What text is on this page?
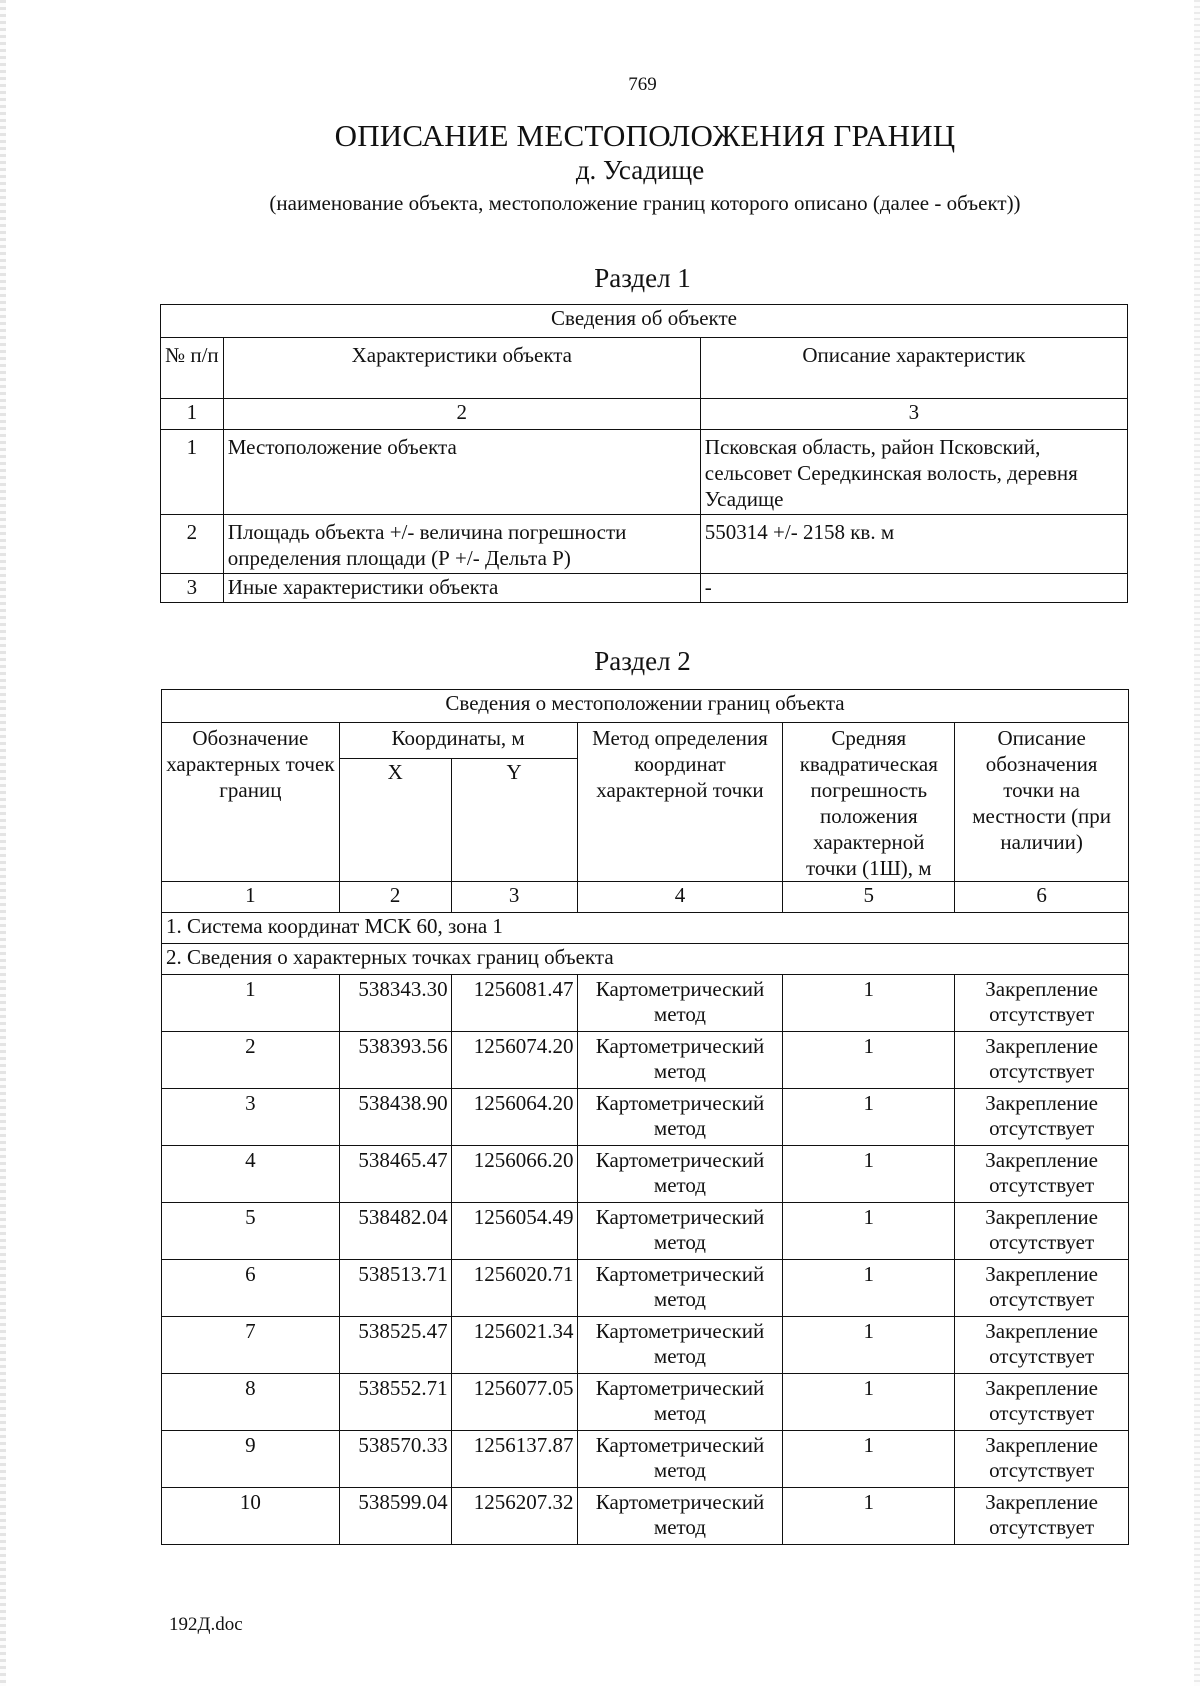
769
ОПИСАНИЕ МЕСТОПОЛОЖЕНИЯ ГРАНИЦ
д. Усадище
(наименование объекта, местоположение границ которого описано (далее - объект))
Раздел 1
Сведения об объекте		
№ п/п	Характеристики объекта	Описание характеристик
1	2	3
1	Местоположение объекта	Псковская область, район Псковский, сельсовет Середкинская волость, деревня Усадище
2	Площадь объекта +/- величина погрешности определения площади (Р +/- Дельта Р)	550314 +/- 2158 кв. м
3	Иные характеристики объекта	-
Раздел 2
Сведения о местоположении границ объекта					
Обозначение характерных точек границ	Координаты, м		Метод определения координат характерной точки	Средняя квадратическая погрешность положения характерной точки (1Ш), м	Описание обозначения точки на местности (при наличии)
	X	Y			
1	2	3	4	5	6
1. Система координат МСК 60, зона 1					
2. Сведения о характерных точках границ объекта					
1	538343.30	1256081.47	Картометрический метод	1	Закрепление отсутствует
2	538393.56	1256074.20	Картометрический метод	1	Закрепление отсутствует
3	538438.90	1256064.20	Картометрический метод	1	Закрепление отсутствует
4	538465.47	1256066.20	Картометрический метод	1	Закрепление отсутствует
5	538482.04	1256054.49	Картометрический метод	1	Закрепление отсутствует
6	538513.71	1256020.71	Картометрический метод	1	Закрепление отсутствует
7	538525.47	1256021.34	Картометрический метод	1	Закрепление отсутствует
8	538552.71	1256077.05	Картометрический метод	1	Закрепление отсутствует
9	538570.33	1256137.87	Картометрический метод	1	Закрепление отсутствует
10	538599.04	1256207.32	Картометрический метод	1	Закрепление отсутствует
192Д.doc
